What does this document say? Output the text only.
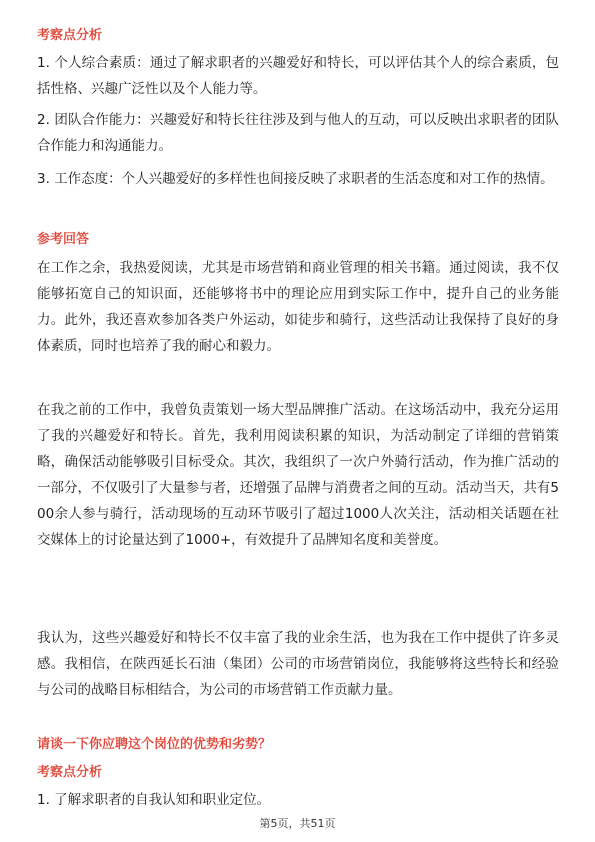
考察点分析
1. 个人综合素质：通过了解求职者的兴趣爱好和特长，可以评估其个人的综合素质，包括性格、兴趣广泛性以及个人能力等。
2. 团队合作能力：兴趣爱好和特长往往涉及到与他人的互动，可以反映出求职者的团队合作能力和沟通能力。
3. 工作态度：个人兴趣爱好的多样性也间接反映了求职者的生活态度和对工作的热情。
参考回答
在工作之余，我热爱阅读，尤其是市场营销和商业管理的相关书籍。通过阅读，我不仅能够拓宽自己的知识面，还能够将书中的理论应用到实际工作中，提升自己的业务能力。此外，我还喜欢参加各类户外运动，如徒步和骑行，这些活动让我保持了良好的身体素质，同时也培养了我的耐心和毅力。
在我之前的工作中，我曾负责策划一场大型品牌推广活动。在这场活动中，我充分运用了我的兴趣爱好和特长。首先，我利用阅读积累的知识，为活动制定了详细的营销策略，确保活动能够吸引目标受众。其次，我组织了一次户外骑行活动，作为推广活动的一部分，不仅吸引了大量参与者，还增强了品牌与消费者之间的互动。活动当天，共有500余人参与骑行，活动现场的互动环节吸引了超过1000人次关注，活动相关话题在社交媒体上的讨论量达到了1000+，有效提升了品牌知名度和美誉度。
我认为，这些兴趣爱好和特长不仅丰富了我的业余生活，也为我在工作中提供了许多灵感。我相信，在陕西延长石油（集团）公司的市场营销岗位，我能够将这些特长和经验与公司的战略目标相结合，为公司的市场营销工作贡献力量。
请谈一下你应聘这个岗位的优势和劣势？
考察点分析
1. 了解求职者的自我认知和职业定位。
第5页，共51页
